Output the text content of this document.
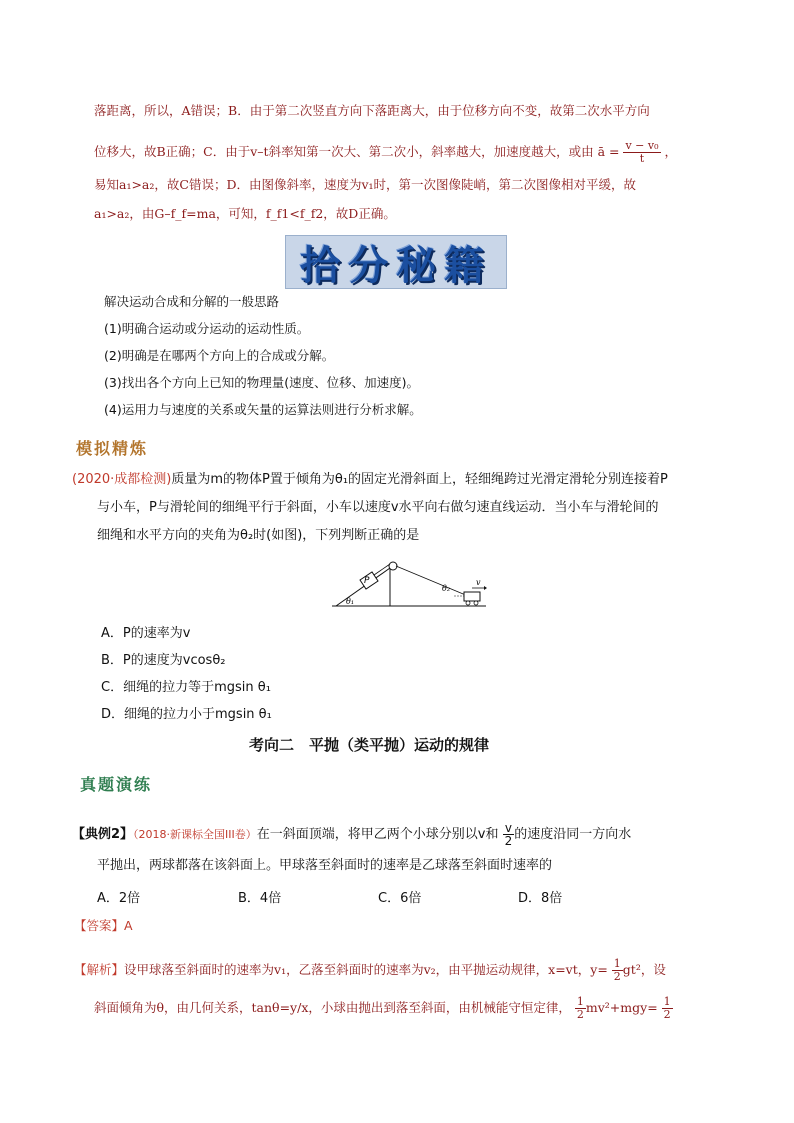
落距离，所以，A错误；B．由于第二次竖直方向下落距离大，由于位移方向不变，故第二次水平方向
位移大，故B正确；C．由于v–t斜率知第一次大、第二次小，斜率越大，加速度越大，或由 ā = $\frac{\text{v − v₀}}{t}$ ，
易知a₁>a₂，故C错误；D．由图像斜率，速度为v₁时，第一次图像陡峭，第二次图像相对平缓，故
a₁>a₂，由G–f_f=ma，可知，f_f1<f_f2，故D正确。
拾分秘籍
解决运动合成和分解的一般思路
(1)明确合运动或分运动的运动性质。
(2)明确是在哪两个方向上的合成或分解。
(3)找出各个方向上已知的物理量(速度、位移、加速度)。
(4)运用力与速度的关系或矢量的运算法则进行分析求解。
模拟精炼
(2020·成都检测)质量为m的物体P置于倾角为θ₁的固定光滑斜面上，轻细绳跨过光滑定滑轮分别连接着P
与小车，P与滑轮间的细绳平行于斜面，小车以速度v水平向右做匀速直线运动．当小车与滑轮间的
细绳和水平方向的夹角为θ₂时(如图)，下列判断正确的是
P	v
θ₁
θ₂
A．P的速率为v
B．P的速度为vcosθ₂
C．细绳的拉力等于mgsin θ₁
D．细绳的拉力小于mgsin θ₁
考向二　平抛（类平抛）运动的规律
真题演练
【典例2】（2018·新课标全国III卷）在一斜面顶端，将甲乙两个小球分别以v和 $\frac{v}{2}$ 的速度沿同一方向水
平抛出，两球都落在该斜面上。甲球落至斜面时的速率是乙球落至斜面时速率的
A．2倍	B．4倍	C．6倍	D．8倍
【答案】A
【解析】设甲球落至斜面时的速率为v₁，乙落至斜面时的速率为v₂，由平抛运动规律，x=vt，$y= \frac{1}{2} gt^2$，设
斜面倾角为θ，由几何关系，tanθ=y/x，小球由抛出到落至斜面，由机械能守恒定律， $\frac{1}{2} mv^2+mgy= \frac{1}{2}$
